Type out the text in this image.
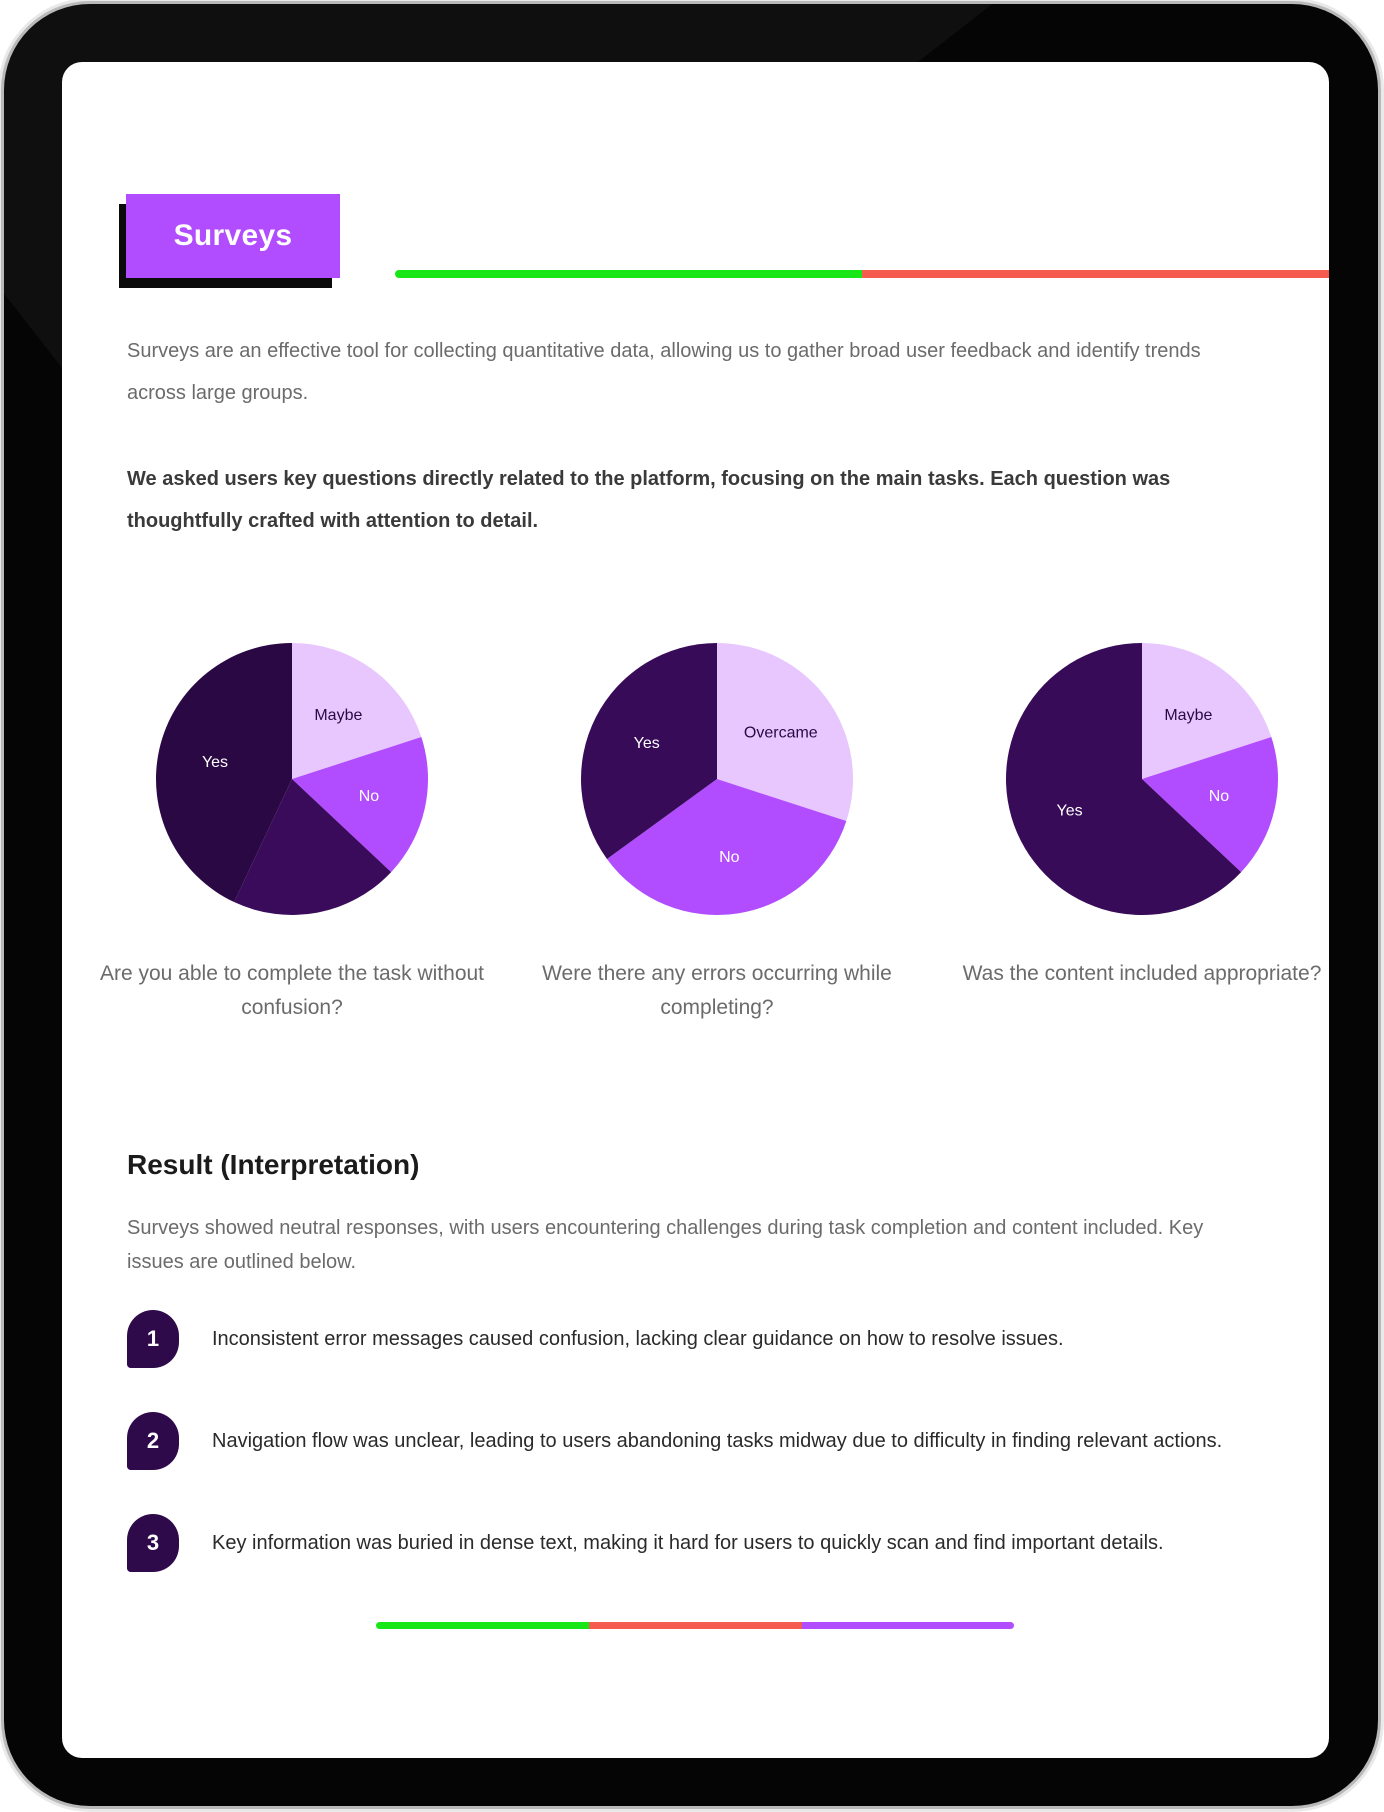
Surveys

Surveys are an effective tool for collecting quantitative data, allowing us to gather broad user feedback and identify trends across large groups.

We asked users key questions directly related to the platform, focusing on the main tasks. Each question was thoughtfully crafted with attention to detail.

Maybe
No
Yes
Are you able to complete the task without confusion?
Overcame
No
Yes
Were there any errors occurring while completing?
Maybe
No
Yes
Was the content included appropriate?
Result (Interpretation)

Surveys showed neutral responses, with users encountering challenges during task completion and content included. Key issues are outlined below.

1	Inconsistent error messages caused confusion, lacking clear guidance on how to resolve issues.
2	Navigation flow was unclear, leading to users abandoning tasks midway due to difficulty in finding relevant actions.
3	Key information was buried in dense text, making it hard for users to quickly scan and find important details.
